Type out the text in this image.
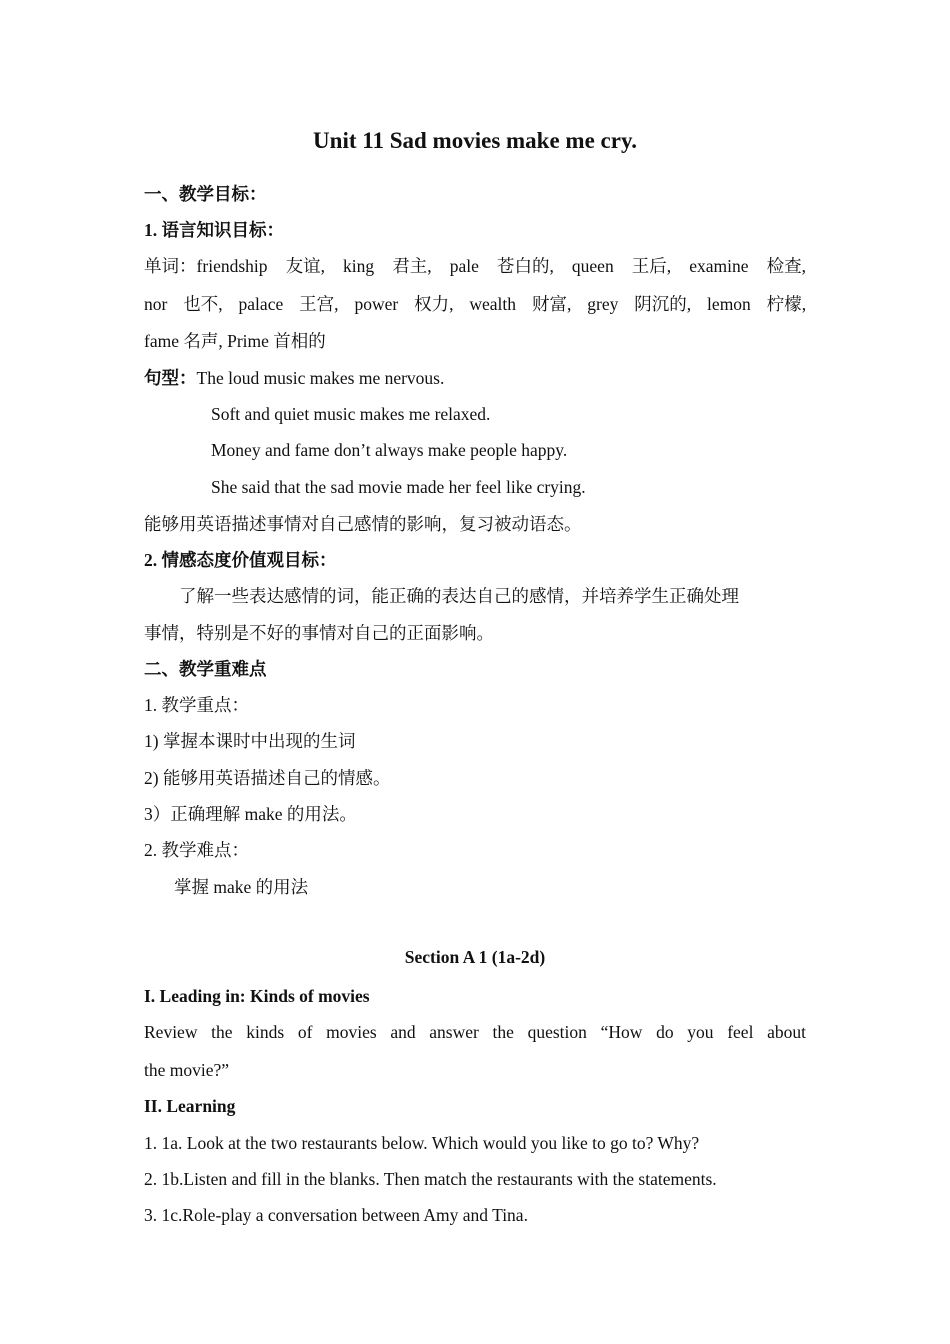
Unit 11 Sad movies make me cry.
一、教学目标：
1. 语言知识目标：
单词：friendship 友谊, king 君主, pale 苍白的, queen 王后, examine 检查,
nor 也不, palace 王宫, power 权力, wealth 财富, grey 阴沉的, lemon 柠檬,
fame 名声, Prime 首相的
句型：The loud music makes me nervous.
Soft and quiet music makes me relaxed.
Money and fame don’t always make people happy.
She said that the sad movie made her feel like crying.
能够用英语描述事情对自己感情的影响，复习被动语态。
2. 情感态度价值观目标：
了解一些表达感情的词，能正确的表达自己的感情，并培养学生正确处理
事情，特别是不好的事情对自己的正面影响。
二、教学重难点
1. 教学重点：
1) 掌握本课时中出现的生词
2) 能够用英语描述自己的情感。
3）正确理解 make 的用法。
2. 教学难点：
掌握 make 的用法
Section A 1 (1a-2d)
I. Leading in: Kinds of movies
Review the kinds of movies and answer the question “How do you feel about
the movie?”
II. Learning
1. 1a. Look at the two restaurants below. Which would you like to go to? Why?
2. 1b.Listen and fill in the blanks. Then match the restaurants with the statements.
3. 1c.Role-play a conversation between Amy and Tina.
